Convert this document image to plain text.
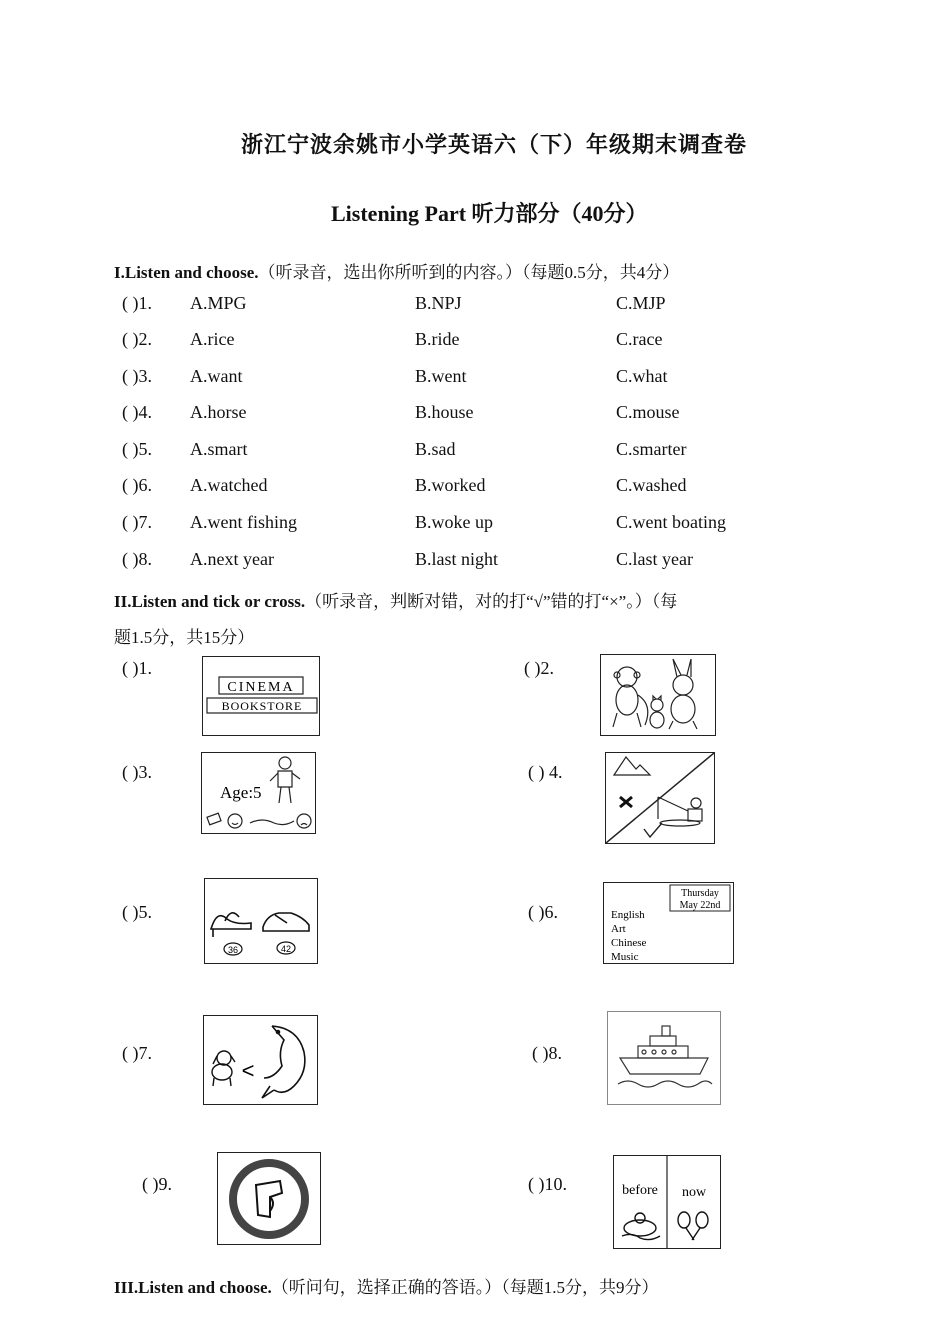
浙江宁波余姚市小学英语六（下）年级期末调查卷
Listening Part 听力部分（40分）
I.Listen and choose.（听录音，选出你所听到的内容。）（每题0.5分，共4分）
( )1. A.MPG	B.NPJ	C.MJP
( )2. A.rice	B.ride	C.race
( )3. A.want	B.went	C.what
( )4. A.horse	B.house	C.mouse
( )5. A.smart	B.sad	C.smarter
( )6. A.watched	B.worked	C.washed
( )7. A.went fishing	B.woke up	C.went boating
( )8. A.next year	B.last night	C.last year
II.Listen and tick or cross.（听录音，判断对错，对的打“√”错的打“×”。）（每
题1.5分，共15分）
( )1.
CINEMA
BOOKSTORE
( )2.
( )3.
Age:5
( ) 4.
( )5.
36	42
( )6.
Thursday
May 22nd
English
Art
Chinese
Music
( )7.
<
( )8.
( )9.	( )10.	before now
III.Listen and choose.（听问句，选择正确的答语。）（每题1.5分，共9分）
